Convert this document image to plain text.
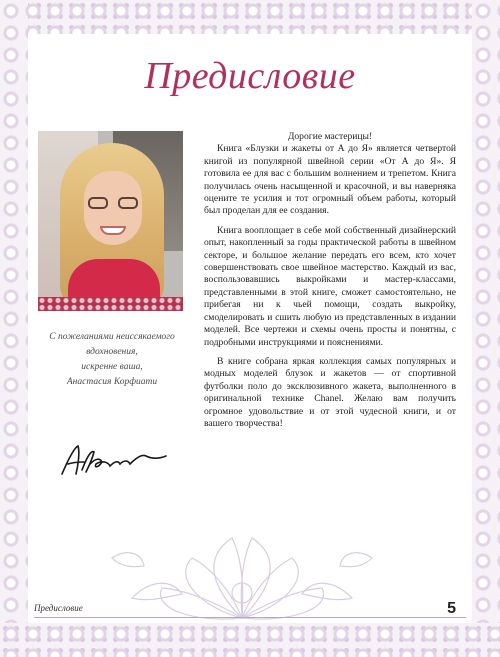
Предисловие
С пожеланиями неиссякаемого
вдохновения,
искренне ваша,
Анастасия Корфиати

Дорогие мастерицы!

Книга «Блузки и жакеты от А до Я» является четвертой книгой из популярной швейной серии «От А до Я». Я готовила ее для вас с большим волнением и трепетом. Книга получилась очень насыщенной и красочной, и вы наверняка оцените те усилия и тот огромный объем работы, который был проделан для ее создания.

Книга вооплощает в себе мой собственный дизайнерский опыт, накопленный за годы практической работы в швейном секторе, и большое желание передать его всем, кто хочет совершенствовать свое швейное мастерство. Каждый из вас, воспользовавшись выкройками и мастер-классами, представленными в этой книге, сможет самостоятельно, не прибегая ни к чьей помощи, создать выкройку, смоделировать и сшить любую из представленных в издании моделей. Все чертежи и схемы очень просты и понятны, с подробными инструкциями и пояснениями.

В книге собрана яркая коллекция самых популярных и модных моделей блузок и жакетов — от спортивной футболки поло до эксклюзивного жакета, выполненного в оригинальной технике Chanel. Желаю вам получить огромное удовольствие и от этой чудесной книги, и от вашего творчества!

Предисловие	5
